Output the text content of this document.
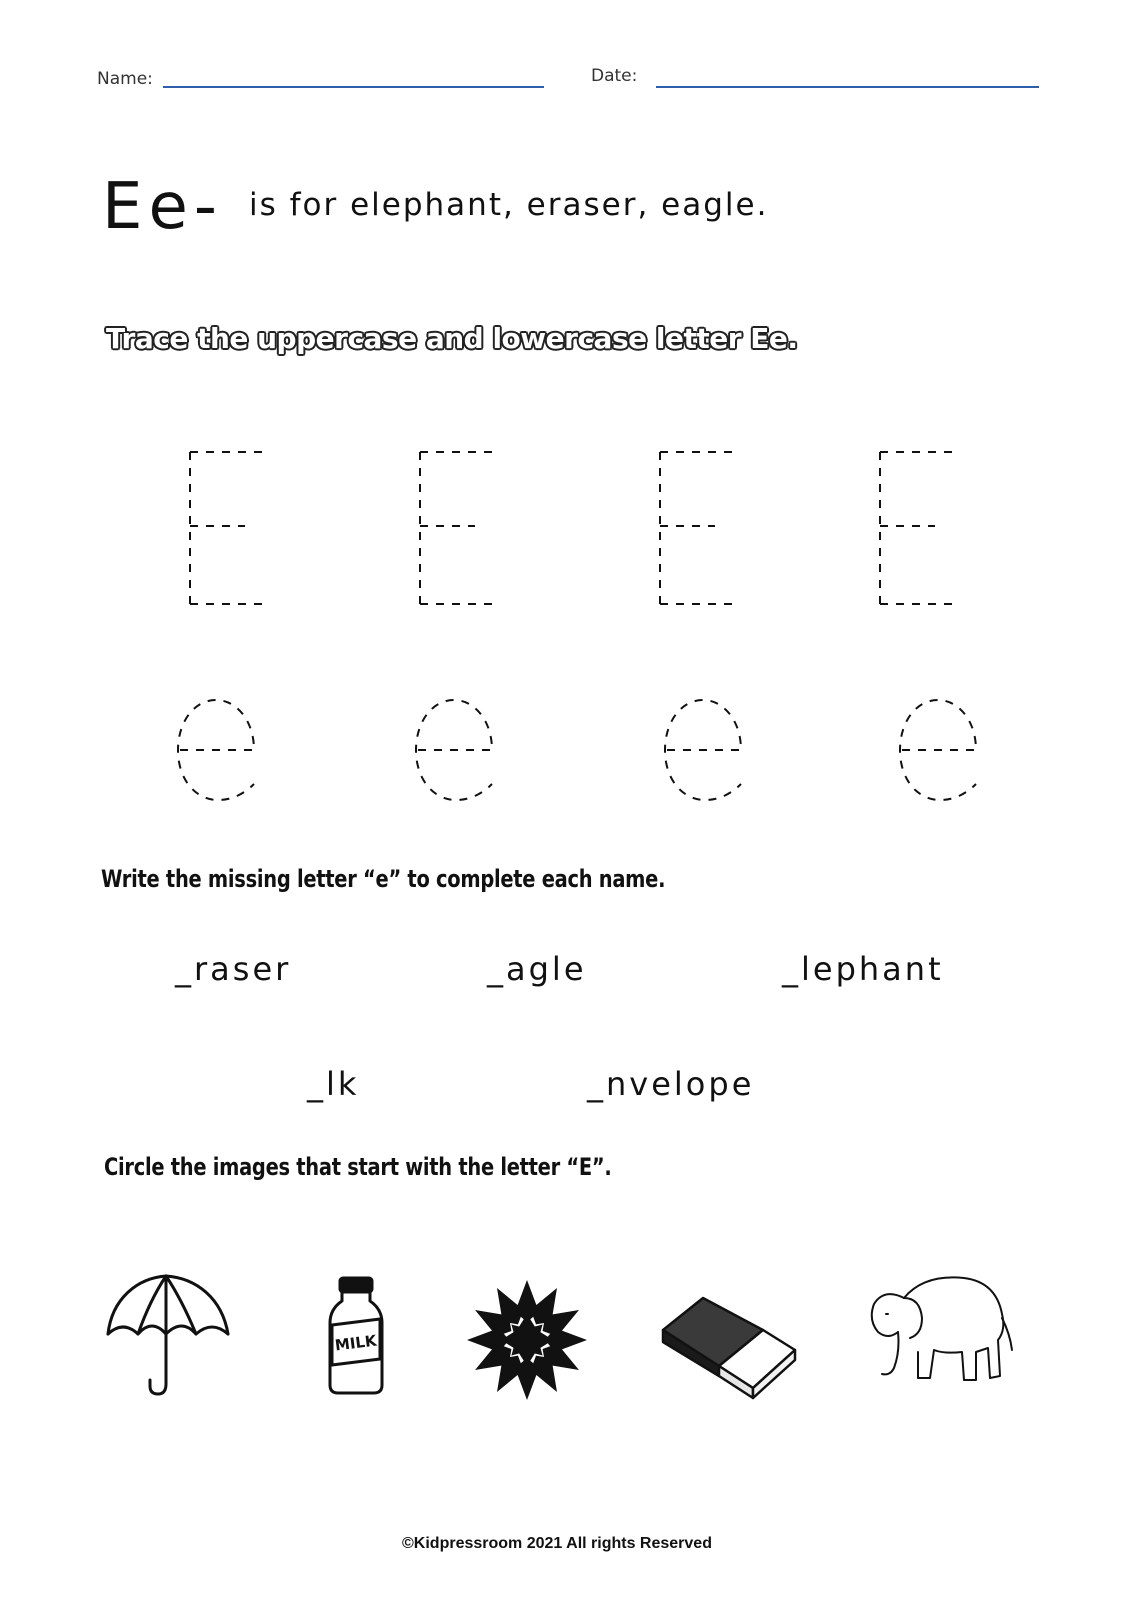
Name:	Date:
Ee- is for elephant, eraser, eagle.
Trace the uppercase and lowercase letter Ee.
Write the missing letter “e” to complete each name.
_raser	_agle	_lephant
_lk	_nvelope
Circle the images that start with the letter “E”.
MILK
©Kidpressroom 2021 All rights Reserved
